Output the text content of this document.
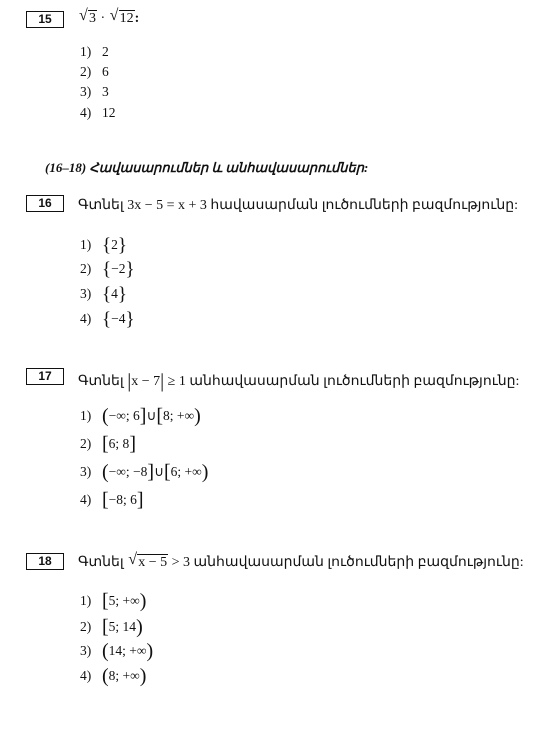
15	√ 3 · √ 12:
1) 2
2) 6
3) 3
4) 12
(16–18) Հավասարումներ և անհավասարումներ:
16	Գտնել 3x − 5 = x + 3 հավասարման լուծումների բազմությունը:
1) {2}
2) {−2}
3) {4}
4) {−4}
17	Գտնել |x − 7| ≥ 1 անհավասարման լուծումների բազմությունը:
1) (−∞; 6]∪[8; +∞)
2) [6; 8]
3) (−∞; −8]∪[6; +∞)
4) [−8; 6]
18	Գտնել √ x − 5 > 3 անհավասարման լուծումների բազմությունը:
1) [5; +∞)
2) [5; 14)
3) (14; +∞)
4) (8; +∞)
